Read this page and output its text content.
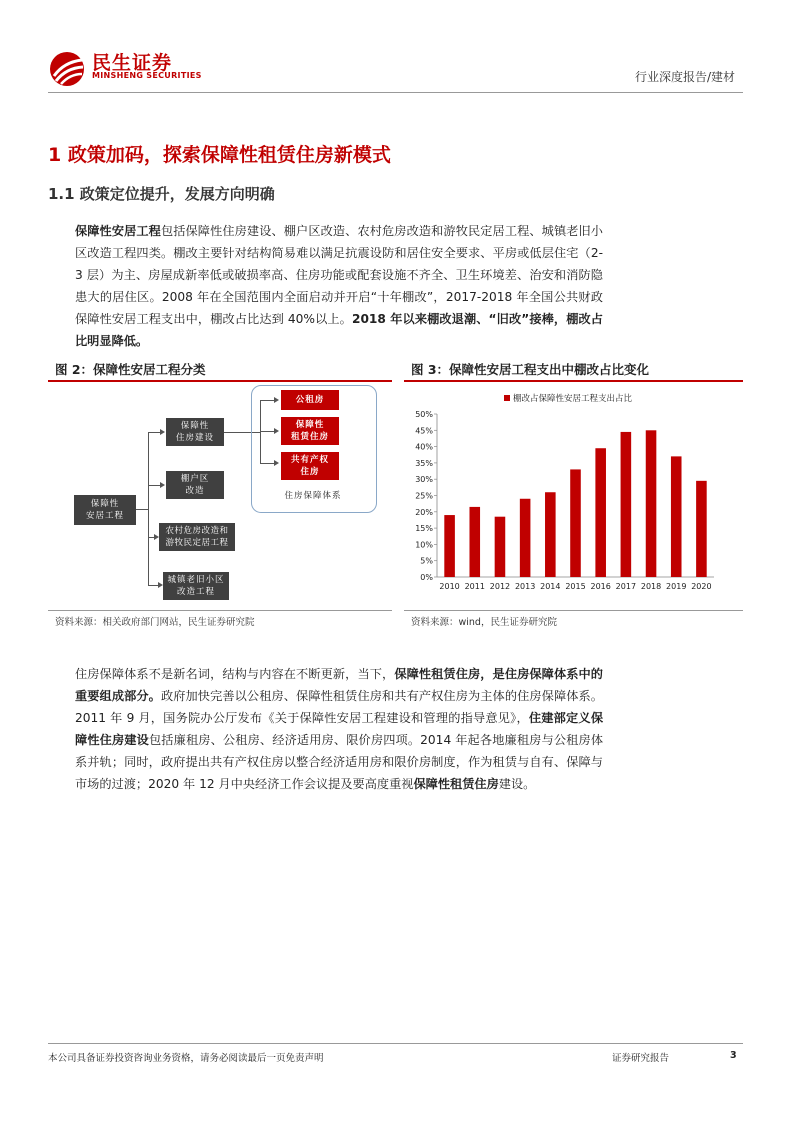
民生证券
MINSHENG SECURITIES	行业深度报告/建材
1 政策加码，探索保障性租赁住房新模式
1.1 政策定位提升，发展方向明确
保障性安居工程包括保障性住房建设、棚户区改造、农村危房改造和游牧民定居工程、城镇老旧小区改造工程四类。棚改主要针对结构简易难以满足抗震设防和居住安全要求、平房或低层住宅（2-3 层）为主、房屋成新率低或破损率高、住房功能或配套设施不齐全、卫生环境差、治安和消防隐患大的居住区。2008 年在全国范围内全面启动并开启“十年棚改”，2017-2018 年全国公共财政保障性安居工程支出中，棚改占比达到 40%以上。2018 年以来棚改退潮、“旧改”接棒，棚改占比明显降低。
图 2：保障性安居工程分类
保障性
安居工程
保障性
住房建设
棚户区
改造
农村危房改造和
游牧民定居工程
城镇老旧小区
改造工程
公租房
保障性
租赁住房
共有产权
住房
住房保障体系
资料来源：相关政府部门网站，民生证券研究院
图 3：保障性安居工程支出中棚改占比变化
棚改占保障性安居工程支出占比
0%
5%
10%
15%
20%
25%
30%
35%
40%
45%
50%
2010 2011 2012 2013 2014 2015 2016 2017 2018 2019 2020
资料来源：wind，民生证券研究院
住房保障体系不是新名词，结构与内容在不断更新，当下，保障性租赁住房，是住房保障体系中的重要组成部分。政府加快完善以公租房、保障性租赁住房和共有产权住房为主体的住房保障体系。2011 年 9 月，国务院办公厅发布《关于保障性安居工程建设和管理的指导意见》，住建部定义保障性住房建设包括廉租房、公租房、经济适用房、限价房四项。2014 年起各地廉租房与公租房体系并轨；同时，政府提出共有产权住房以整合经济适用房和限价房制度，作为租赁与自有、保障与市场的过渡；2020 年 12 月中央经济工作会议提及要高度重视保障性租赁住房建设。
本公司具备证券投资咨询业务资格，请务必阅读最后一页免责声明	证券研究报告	3
